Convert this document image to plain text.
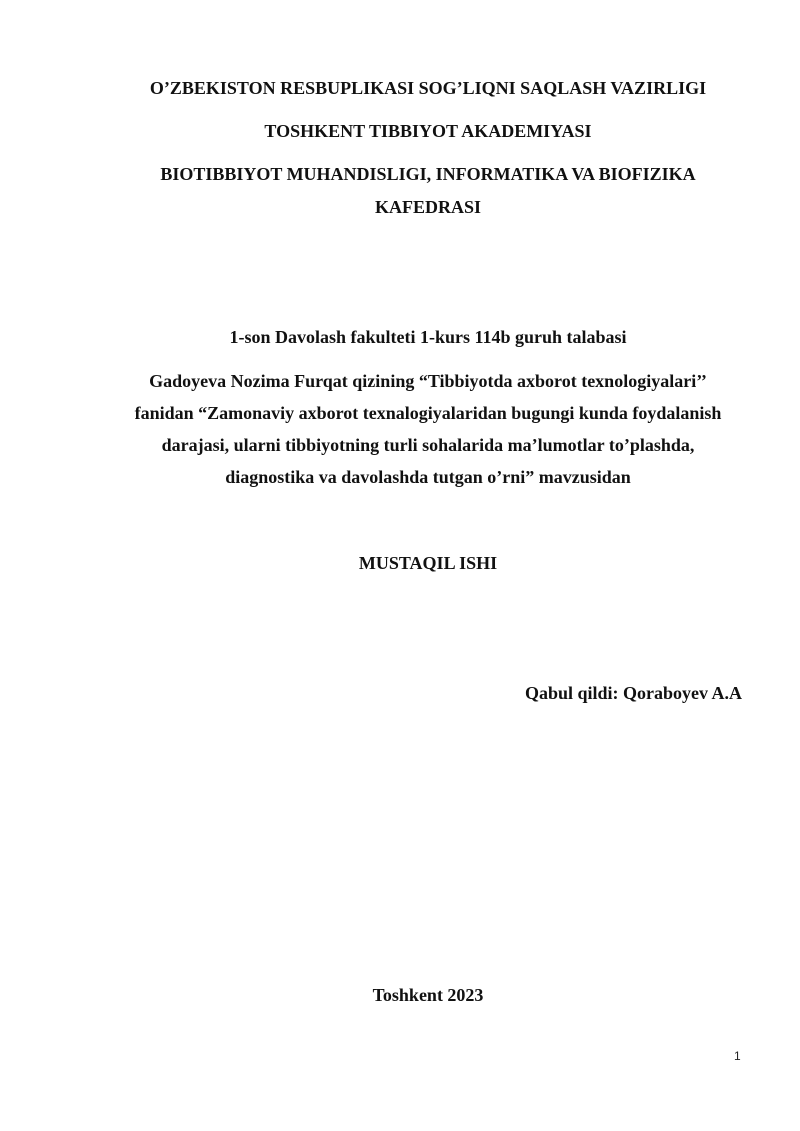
O’ZBEKISTON RESBUPLIKASI SOG’LIQNI SAQLASH VAZIRLIGI
TOSHKENT TIBBIYOT AKADEMIYASI
BIOTIBBIYOT MUHANDISLIGI, INFORMATIKA VA BIOFIZIKA
KAFEDRASI
1-son Davolash fakulteti 1-kurs 114b guruh talabasi
Gadoyeva Nozima Furqat qizining “Tibbiyotda axborot texnologiyalari’’
fanidan “Zamonaviy axborot texnalogiyalaridan bugungi kunda foydalanish
darajasi, ularni tibbiyotning turli sohalarida ma’lumotlar to’plashda,
diagnostika va davolashda tutgan o’rni” mavzusidan
MUSTAQIL ISHI
Qabul qildi: Qoraboyev A.A
Toshkent 2023
1
